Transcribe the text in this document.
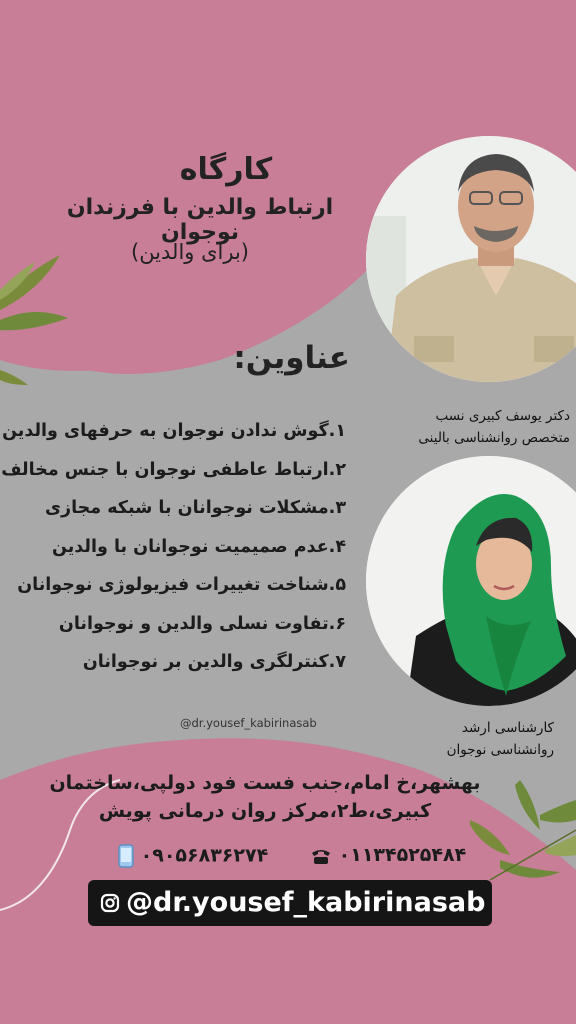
کارگاه
ارتباط والدین با فرزندان نوجوان
(برای والدین)
عناوین:
۱.گوش ندادن نوجوان به حرفهای والدین
۲.ارتباط عاطفی نوجوان با جنس مخالف
۳.مشکلات نوجوانان با شبکه مجازی
۴.عدم صمیمیت نوجوانان با والدین
۵.شناخت تغییرات فیزیولوژی نوجوانان
۶.تفاوت نسلی والدین و نوجوانان
۷.کنترلگری والدین بر نوجوانان
دکتر یوسف کبیری نسب
متخصص روانشناسی بالینی
کارشناسی ارشد
روانشناسی نوجوان
@dr.yousef_kabirinasab
بهشهر،خ امام،جنب فست فود دولپی،ساختمان
کبیری،ط۲،مرکز روان درمانی پویش
۰۹۰۵۶۸۳۶۲۷۴	۰۱۱۳۴۵۲۵۴۸۴
@dr.yousef_kabirinasab
